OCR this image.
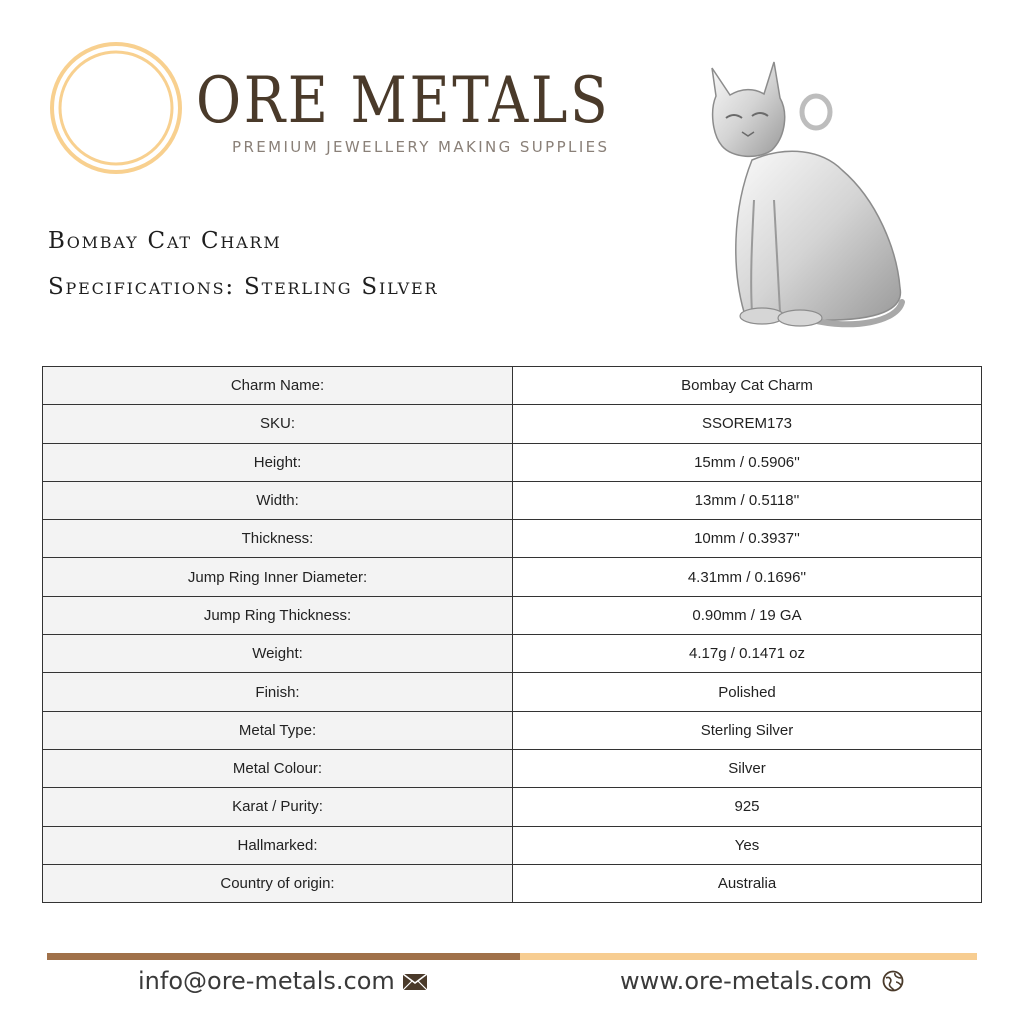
ORE METALS
PREMIUM JEWELLERY MAKING SUPPLIES
Bombay Cat Charm
Specifications: Sterling Silver
Charm Name:	Bombay Cat Charm
SKU:	SSOREM173
Height:	15mm / 0.5906''
Width:	13mm / 0.5118''
Thickness:	10mm / 0.3937''
Jump Ring Inner Diameter:	4.31mm / 0.1696''
Jump Ring Thickness:	0.90mm / 19 GA
Weight:	4.17g / 0.1471 oz
Finish:	Polished
Metal Type:	Sterling Silver
Metal Colour:	Silver
Karat / Purity:	925
Hallmarked:	Yes
Country of origin:	Australia
info@ore-metals.com	www.ore-metals.com
